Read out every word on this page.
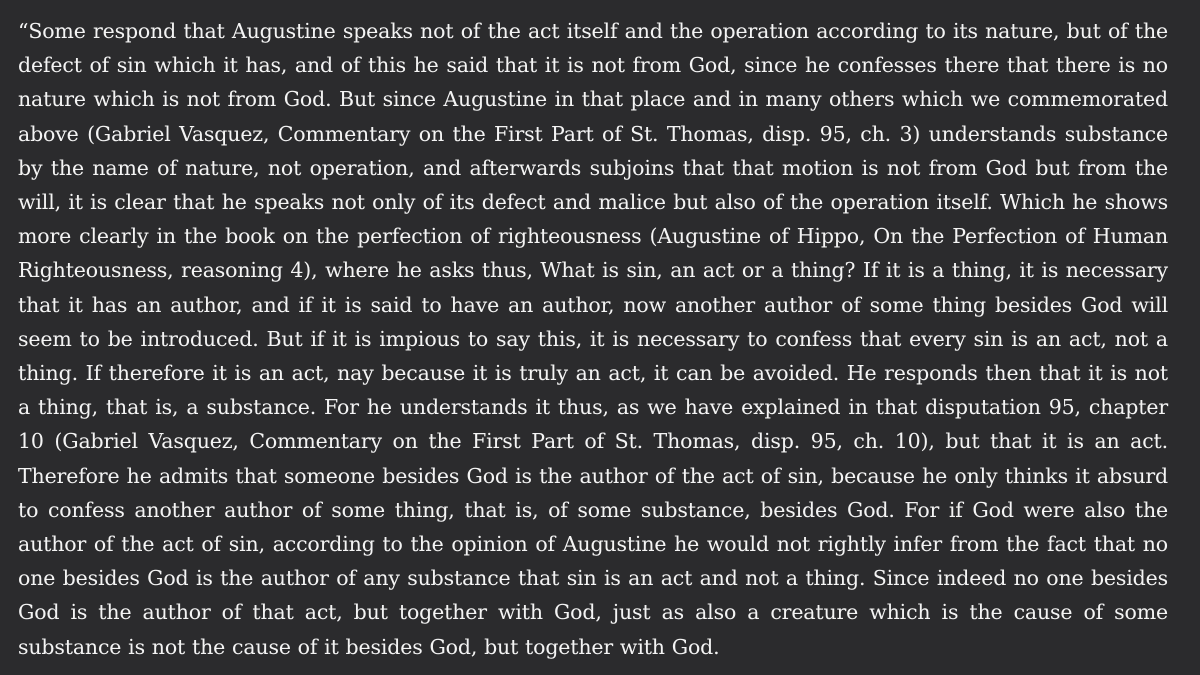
“Some respond that Augustine speaks not of the act itself and the operation according to its nature, but of the defect of sin which it has, and of this he said that it is not from God, since he confesses there that there is no nature which is not from God. But since Augustine in that place and in many others which we commemorated above (Gabriel Vasquez, Commentary on the First Part of St. Thomas, disp. 95, ch. 3) understands substance by the name of nature, not operation, and afterwards subjoins that that motion is not from God but from the will, it is clear that he speaks not only of its defect and malice but also of the operation itself. Which he shows more clearly in the book on the perfection of righteousness (Augustine of Hippo, On the Perfection of Human Righteousness, reasoning 4), where he asks thus, What is sin, an act or a thing? If it is a thing, it is necessary that it has an author, and if it is said to have an author, now another author of some thing besides God will seem to be introduced. But if it is impious to say this, it is necessary to confess that every sin is an act, not a thing. If therefore it is an act, nay because it is truly an act, it can be avoided. He responds then that it is not a thing, that is, a substance. For he understands it thus, as we have explained in that disputation 95, chapter 10 (Gabriel Vasquez, Commentary on the First Part of St. Thomas, disp. 95, ch. 10), but that it is an act. Therefore he admits that someone besides God is the author of the act of sin, because he only thinks it absurd to confess another author of some thing, that is, of some substance, besides God. For if God were also the author of the act of sin, according to the opinion of Augustine he would not rightly infer from the fact that no one besides God is the author of any substance that sin is an act and not a thing. Since indeed no one besides God is the author of that act, but together with God, just as also a creature which is the cause of some substance is not the cause of it besides God, but together with God.
